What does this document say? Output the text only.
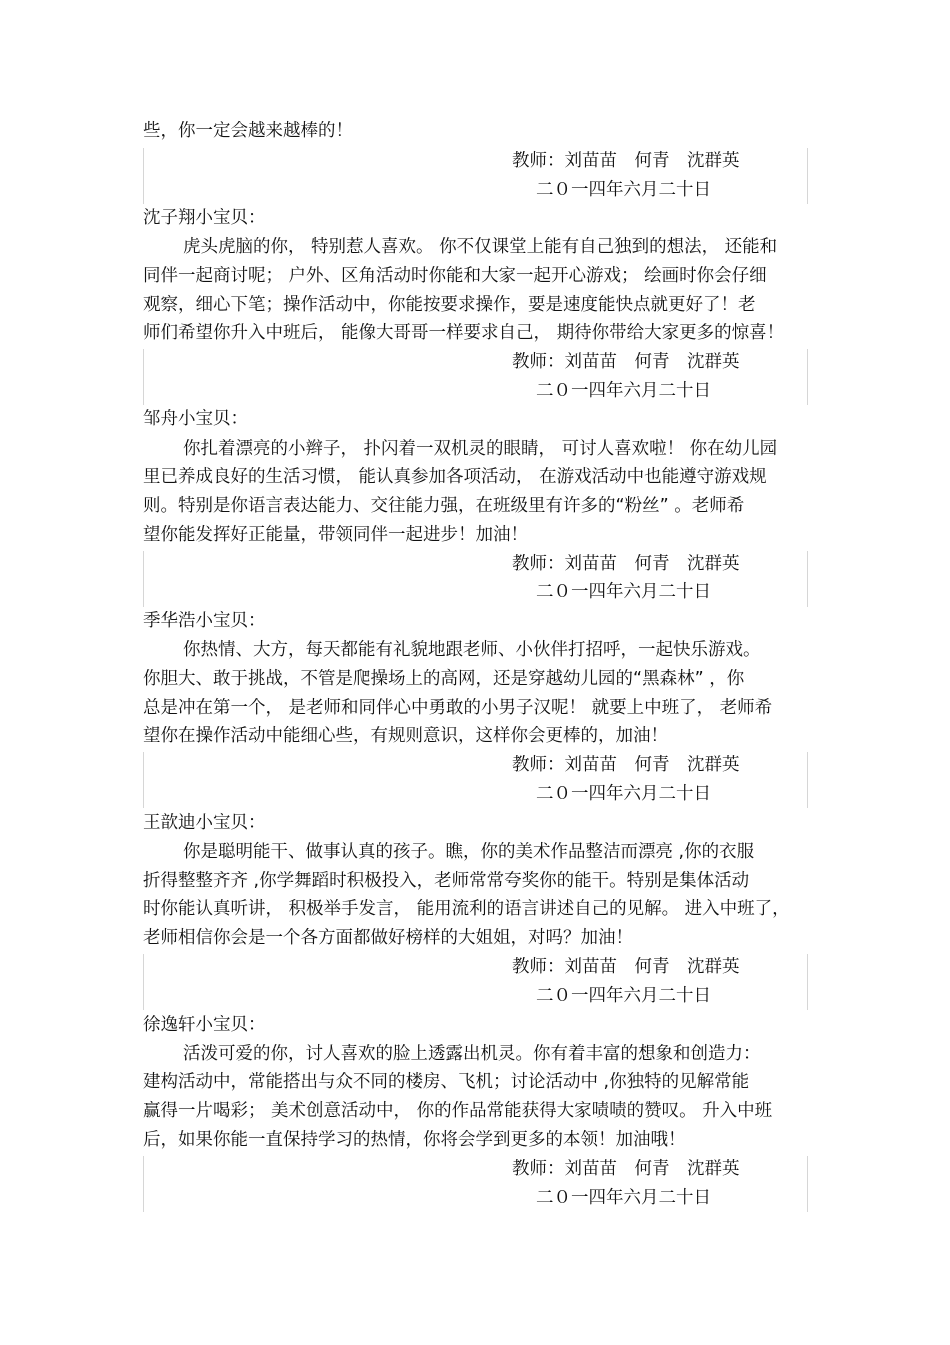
些，你一定会越来越棒的！
教师：刘苗苗　何青　沈群英
二０一四年六月二十日
沈子翔小宝贝：
虎头虎脑的你， 特别惹人喜欢。 你不仅课堂上能有自己独到的想法， 还能和
同伴一起商讨呢； 户外、区角活动时你能和大家一起开心游戏； 绘画时你会仔细
观察，细心下笔；操作活动中，你能按要求操作，要是速度能快点就更好了！老
师们希望你升入中班后， 能像大哥哥一样要求自己， 期待你带给大家更多的惊喜！
教师：刘苗苗　何青　沈群英
二０一四年六月二十日
邹舟小宝贝：
你扎着漂亮的小辫子， 扑闪着一双机灵的眼睛， 可讨人喜欢啦！ 你在幼儿园
里已养成良好的生活习惯， 能认真参加各项活动， 在游戏活动中也能遵守游戏规
则。特别是你语言表达能力、交往能力强，在班级里有许多的“粉丝” 。老师希
望你能发挥好正能量，带领同伴一起进步！加油！
教师：刘苗苗　何青　沈群英
二０一四年六月二十日
季华浩小宝贝：
你热情、大方，每天都能有礼貌地跟老师、小伙伴打招呼，一起快乐游戏。
你胆大、敢于挑战，不管是爬操场上的高网，还是穿越幼儿园的“黑森林” ，你
总是冲在第一个， 是老师和同伴心中勇敢的小男子汉呢！ 就要上中班了， 老师希
望你在操作活动中能细心些，有规则意识，这样你会更棒的，加油！
教师：刘苗苗　何青　沈群英
二０一四年六月二十日
王歆迪小宝贝：
你是聪明能干、做事认真的孩子。瞧，你的美术作品整洁而漂亮 ,你的衣服
折得整整齐齐 ,你学舞蹈时积极投入，老师常常夸奖你的能干。特别是集体活动
时你能认真听讲， 积极举手发言， 能用流利的语言讲述自己的见解。 进入中班了，
老师相信你会是一个各方面都做好榜样的大姐姐，对吗？加油！
教师：刘苗苗　何青　沈群英
二０一四年六月二十日
徐逸轩小宝贝：
活泼可爱的你，讨人喜欢的脸上透露出机灵。你有着丰富的想象和创造力：
建构活动中，常能搭出与众不同的楼房、飞机；讨论活动中 ,你独特的见解常能
赢得一片喝彩； 美术创意活动中， 你的作品常能获得大家啧啧的赞叹。 升入中班
后，如果你能一直保持学习的热情，你将会学到更多的本领！加油哦！
教师：刘苗苗　何青　沈群英
二０一四年六月二十日
